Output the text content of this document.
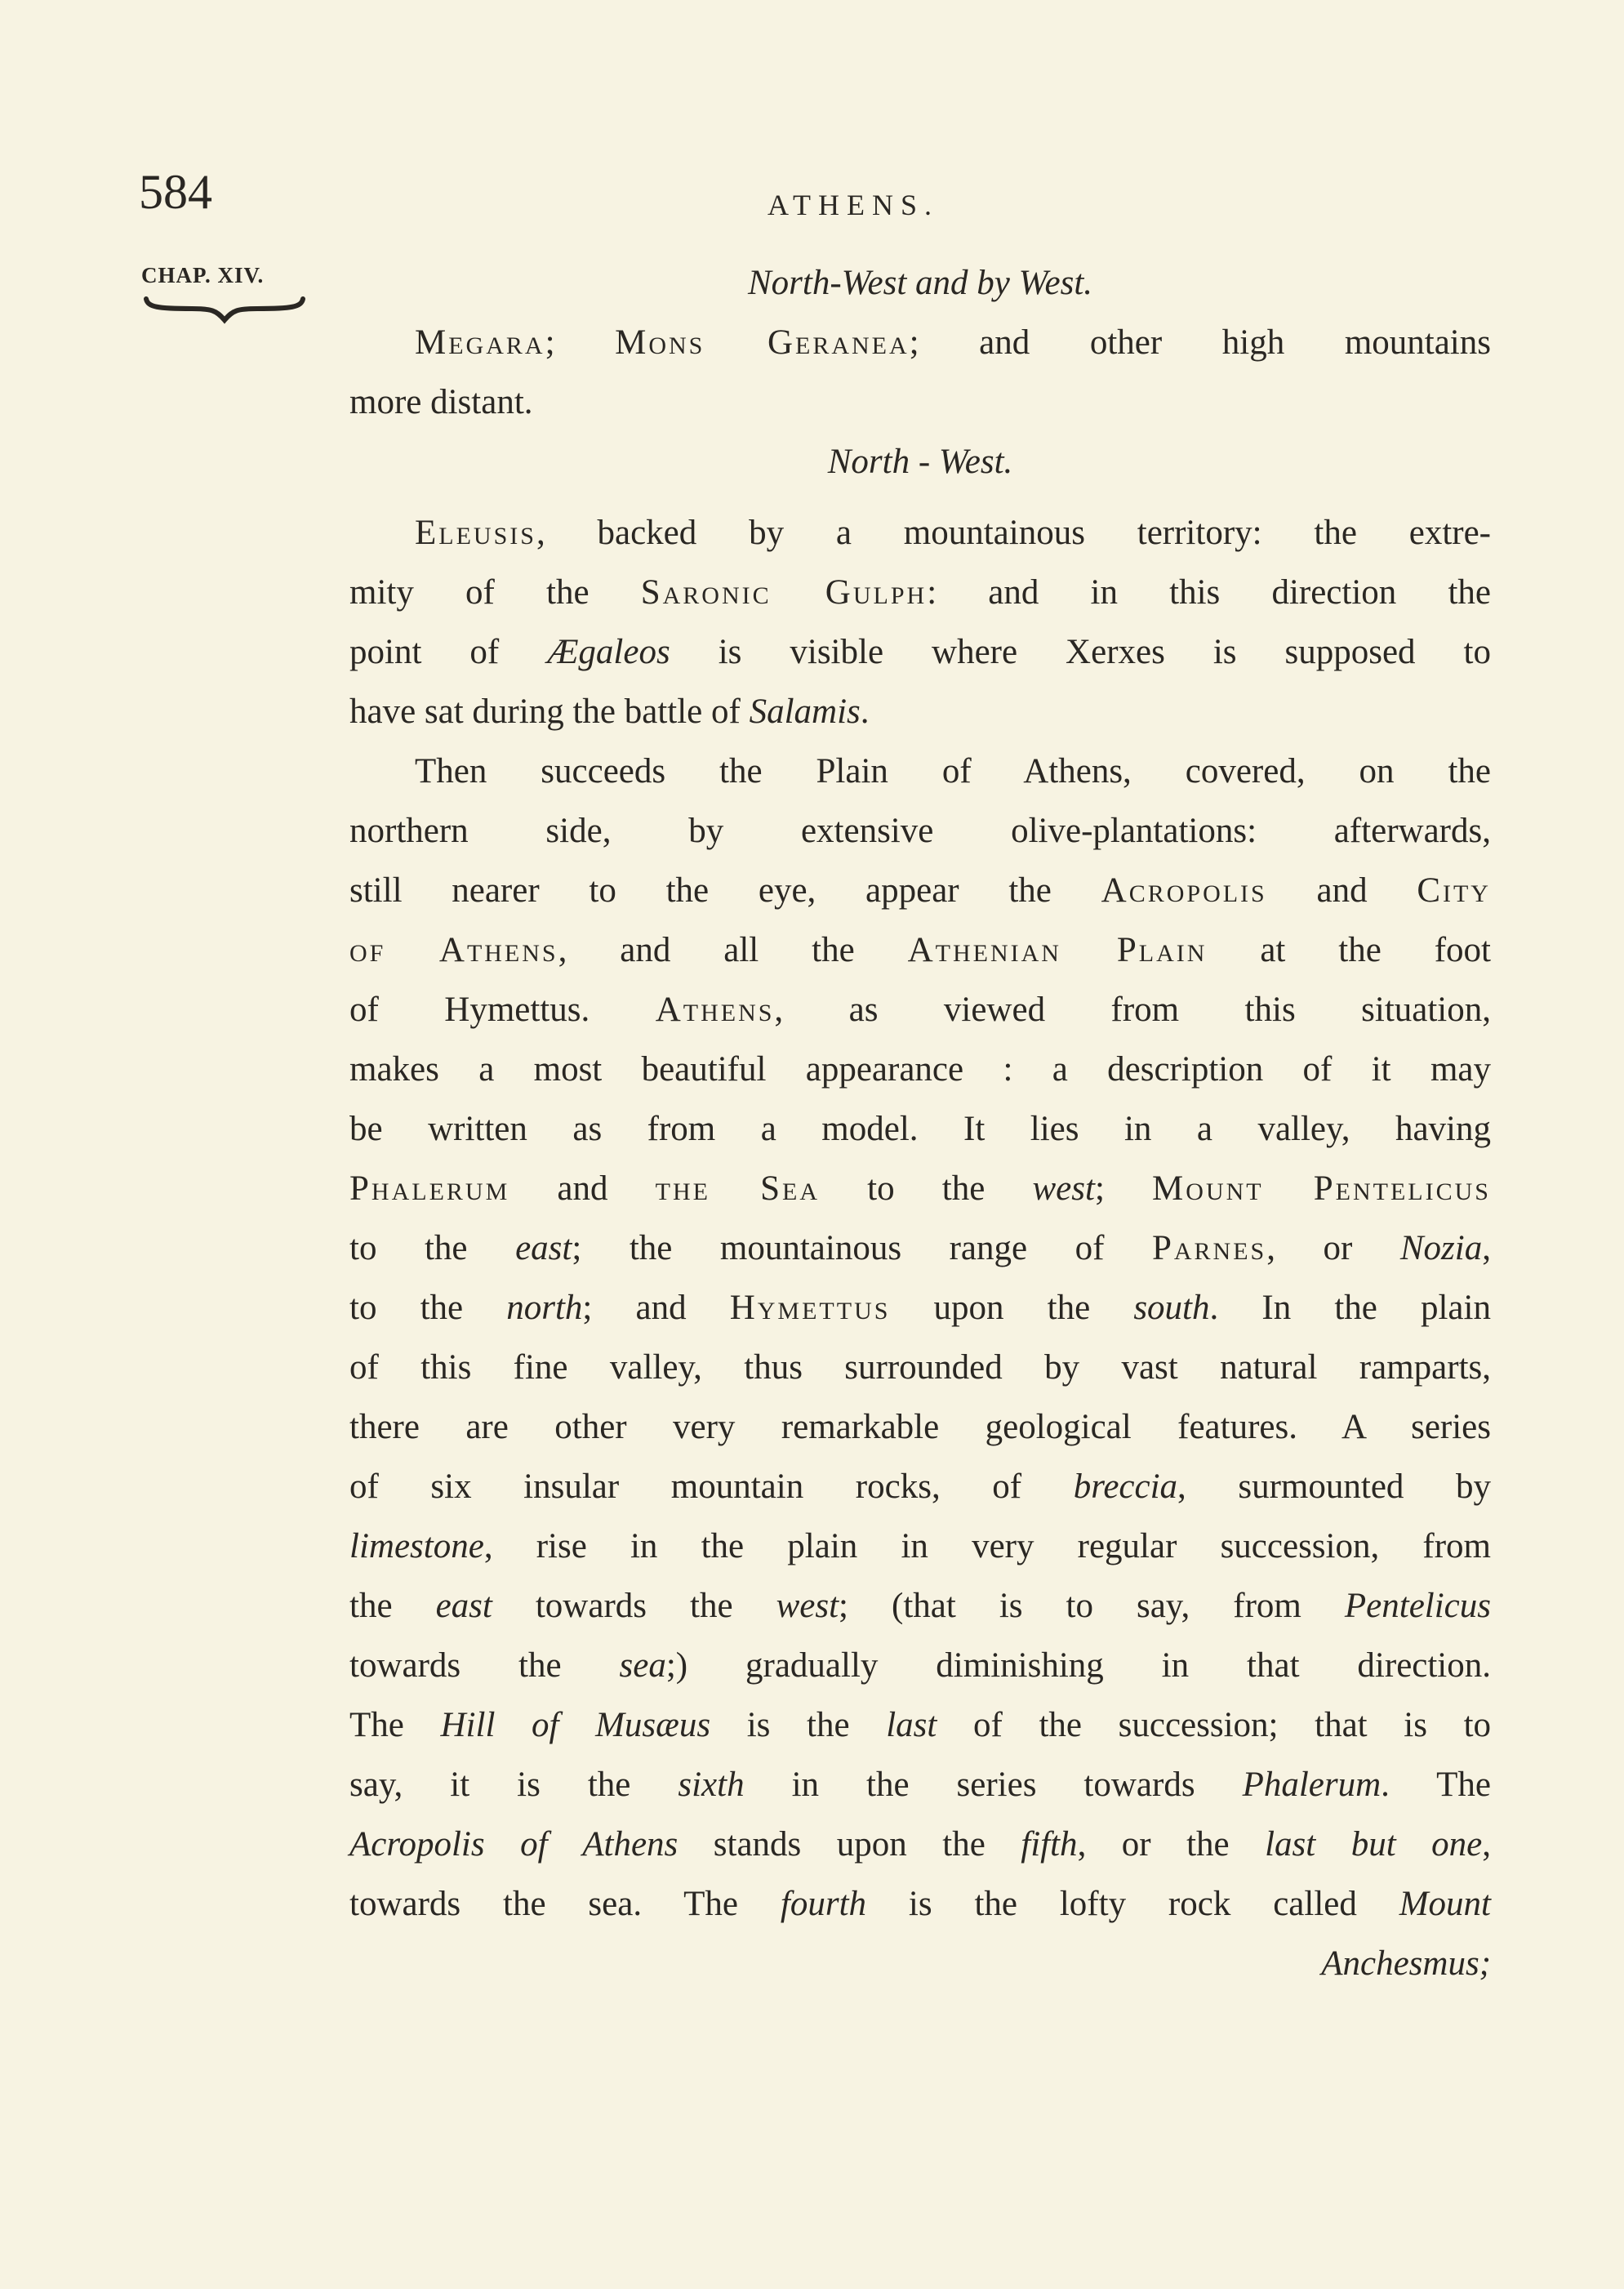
584	ATHENS.
CHAP. XIV.	North-West and by West.
Megara; Mons Geranea; and other high mountains
more distant.
North - West.
Eleusis, backed by a mountainous territory: the extre-
mity of the Saronic Gulph: and in this direction the
point of Ægaleos is visible where Xerxes is supposed to
have sat during the battle of Salamis.
Then succeeds the Plain of Athens, covered, on the
northern side, by extensive olive-plantations: afterwards,
still nearer to the eye, appear the Acropolis and City
of Athens, and all the Athenian Plain at the foot
of Hymettus. Athens, as viewed from this situation,
makes a most beautiful appearance : a description of it may
be written as from a model. It lies in a valley, having
Phalerum and the Sea to the west; Mount Pentelicus
to the east; the mountainous range of Parnes, or Nozia,
to the north; and Hymettus upon the south. In the plain
of this fine valley, thus surrounded by vast natural ramparts,
there are other very remarkable geological features. A series
of six insular mountain rocks, of breccia, surmounted by
limestone, rise in the plain in very regular succession, from
the east towards the west; (that is to say, from Pentelicus
towards the sea;) gradually diminishing in that direction.
The Hill of Musæus is the last of the succession; that is to
say, it is the sixth in the series towards Phalerum. The
Acropolis of Athens stands upon the fifth, or the last but one,
towards the sea. The fourth is the lofty rock called Mount
Anchesmus;
